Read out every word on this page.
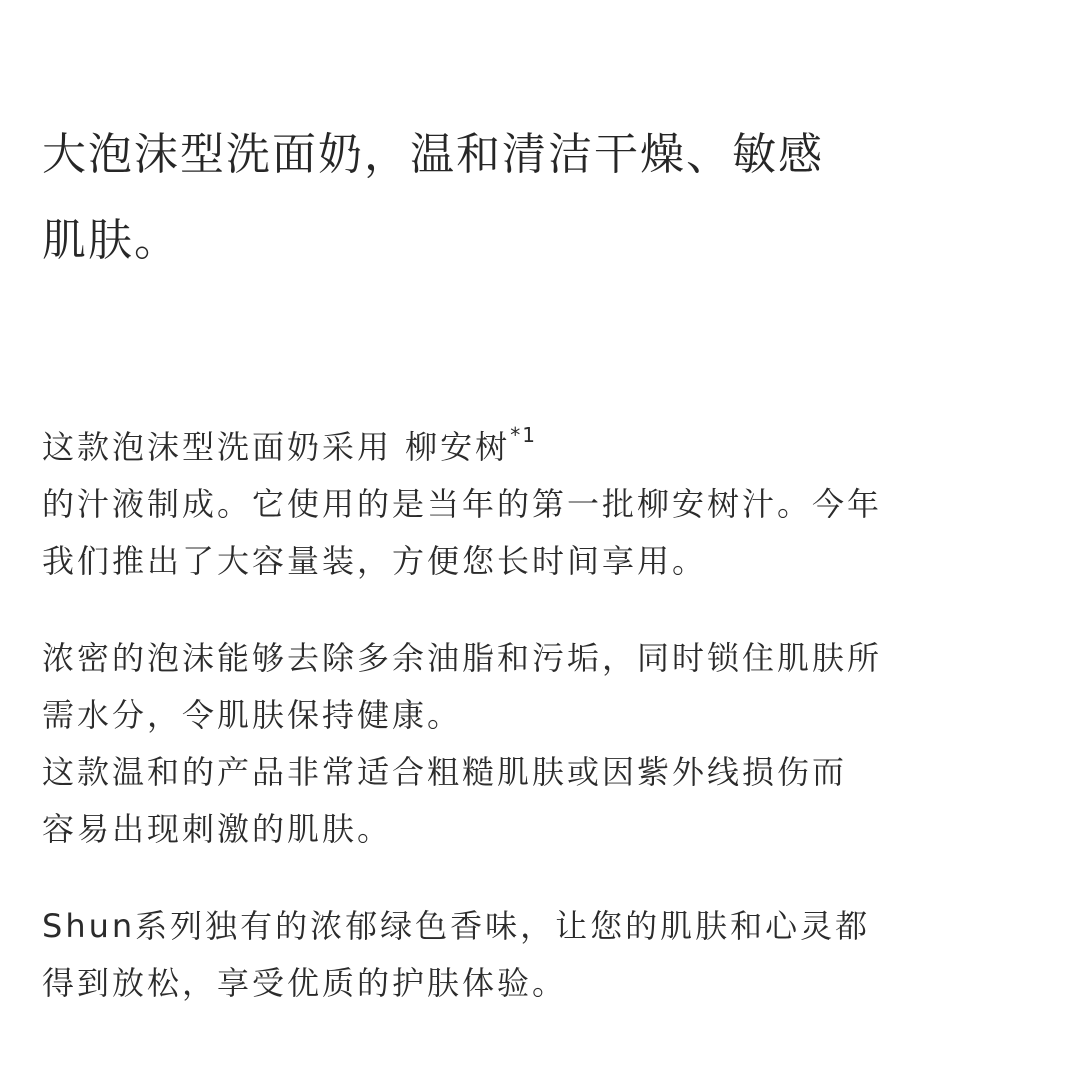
大泡沫型洗面奶，温和清洁干燥、敏感
肌肤。

这款泡沫型洗面奶采用 柳安树$^{*1}$
的汁液制成。它使用的是当年的第一批柳安树汁。今年
我们推出了大容量装，方便您长时间享用。

浓密的泡沫能够去除多余油脂和污垢，同时锁住肌肤所
需水分，令肌肤保持健康。
这款温和的产品非常适合粗糙肌肤或因紫外线损伤而
容易出现刺激的肌肤。

Shun系列独有的浓郁绿色香味，让您的肌肤和心灵都
得到放松，享受优质的护肤体验。
